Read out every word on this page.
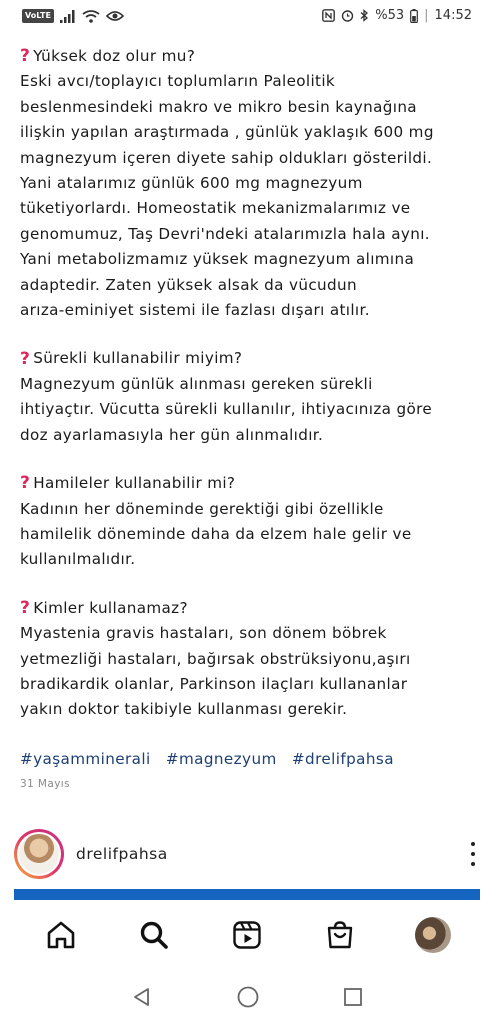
VoLTE	%53 | 14:52
? Yüksek doz olur mu?
Eski avcı/toplayıcı toplumların Paleolitik
beslenmesindeki makro ve mikro besin kaynağına
ilişkin yapılan araştırmada , günlük yaklaşık 600 mg
magnezyum içeren diyete sahip oldukları gösterildi.
Yani atalarımız günlük 600 mg magnezyum
tüketiyorlardı. Homeostatik mekanizmalarımız ve
genomumuz, Taş Devri'ndeki atalarımızla hala aynı.
Yani metabolizmamız yüksek magnezyum alımına
adaptedir. Zaten yüksek alsak da vücudun
arıza-eminiyet sistemi ile fazlası dışarı atılır.
? Sürekli kullanabilir miyim?
Magnezyum günlük alınması gereken sürekli
ihtiyaçtır. Vücutta sürekli kullanılır, ihtiyacınıza göre
doz ayarlamasıyla her gün alınmalıdır.
? Hamileler kullanabilir mi?
Kadının her döneminde gerektiği gibi özellikle
hamilelik döneminde daha da elzem hale gelir ve
kullanılmalıdır.
? Kimler kullanamaz?
Myastenia gravis hastaları, son dönem böbrek
yetmezliği hastaları, bağırsak obstrüksiyonu,aşırı
bradikardik olanlar, Parkinson ilaçları kullananlar
yakın doktor takibiyle kullanması gerekir.
#yaşamminerali #magnezyum #drelifpahsa
31 Mayıs
drelifpahsa
